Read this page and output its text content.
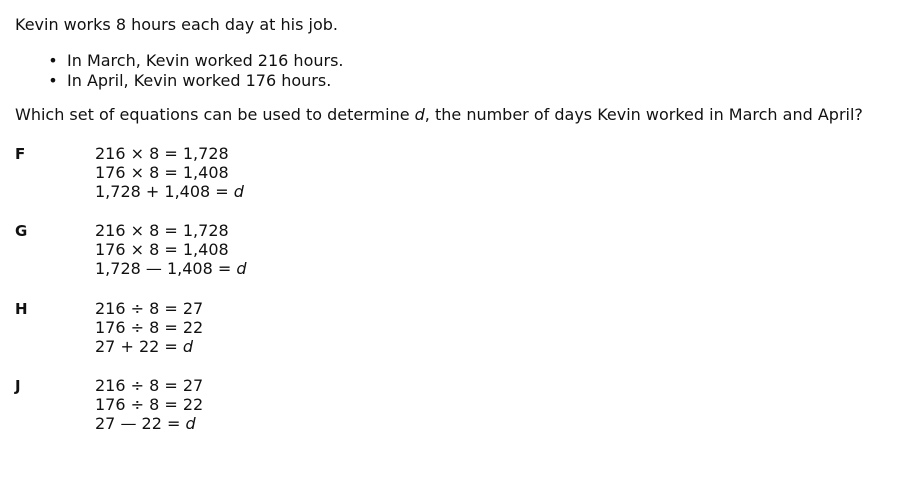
Kevin works 8 hours each day at his job.

• In March, Kevin worked 216 hours.
• In April, Kevin worked 176 hours.

Which set of equations can be used to determine d, the number of days Kevin worked in March and April?

F	216 × 8 = 1,728
176 × 8 = 1,408
1,728 + 1,408 = d
G	216 × 8 = 1,728
176 × 8 = 1,408
1,728 — 1,408 = d
H	216 ÷ 8 = 27
176 ÷ 8 = 22
27 + 22 = d
J	216 ÷ 8 = 27
176 ÷ 8 = 22
27 — 22 = d
